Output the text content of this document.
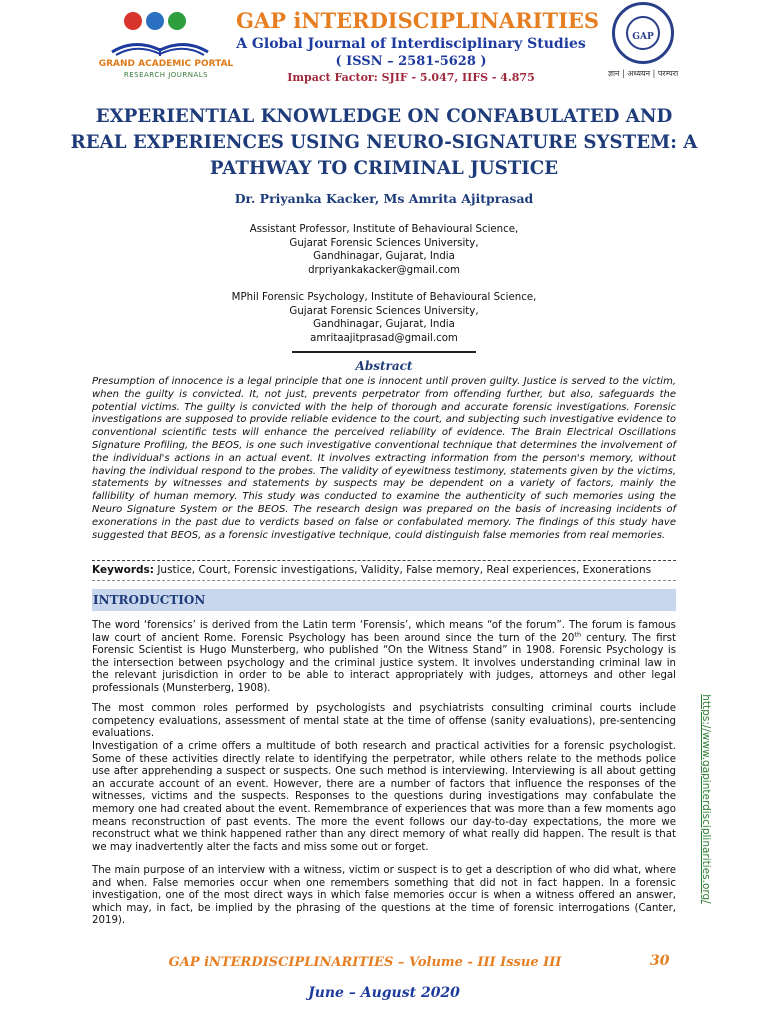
GRAND ACADEMIC PORTAL
RESEARCH JOURNALS
GAP iNTERDISCIPLINARITIES
A Global Journal of Interdisciplinary Studies
( ISSN – 2581-5628 )
Impact Factor: SJIF - 5.047, IIFS - 4.875
GAP
ज्ञान | अध्ययन | परम्परा
EXPERIENTIAL KNOWLEDGE ON CONFABULATED AND REAL EXPERIENCES USING NEURO-SIGNATURE SYSTEM: A PATHWAY TO CRIMINAL JUSTICE
Dr. Priyanka Kacker, Ms Amrita Ajitprasad
Assistant Professor, Institute of Behavioural Science,
Gujarat Forensic Sciences University,
Gandhinagar, Gujarat, India
drpriyankakacker@gmail.com
MPhil Forensic Psychology, Institute of Behavioural Science,
Gujarat Forensic Sciences University,
Gandhinagar, Gujarat, India
amritaajitprasad@gmail.com
Abstract
Presumption of innocence is a legal principle that one is innocent until proven guilty. Justice is served to the victim, when the guilty is convicted. It, not just, prevents perpetrator from offending further, but also, safeguards the potential victims. The guilty is convicted with the help of thorough and accurate forensic investigations. Forensic investigations are supposed to provide reliable evidence to the court, and subjecting such investigative evidence to conventional scientific tests will enhance the perceived reliability of evidence. The Brain Electrical Oscillations Signature Profiling, the BEOS, is one such investigative conventional technique that determines the involvement of the individual's actions in an actual event. It involves extracting information from the person's memory, without having the individual respond to the probes. The validity of eyewitness testimony, statements given by the victims, statements by witnesses and statements by suspects may be dependent on a variety of factors, mainly the fallibility of human memory. This study was conducted to examine the authenticity of such memories using the Neuro Signature System or the BEOS. The research design was prepared on the basis of increasing incidents of exonerations in the past due to verdicts based on false or confabulated memory. The findings of this study have suggested that BEOS, as a forensic investigative technique, could distinguish false memories from real memories.
Keywords: Justice, Court, Forensic investigations, Validity, False memory, Real experiences, Exonerations
INTRODUCTION
The word ‘forensics’ is derived from the Latin term ‘Forensis’, which means “of the forum”. The forum is famous law court of ancient Rome. Forensic Psychology has been around since the turn of the 20th century. The first Forensic Scientist is Hugo Munsterberg, who published “On the Witness Stand” in 1908. Forensic Psychology is the intersection between psychology and the criminal justice system. It involves understanding criminal law in the relevant jurisdiction in order to be able to interact appropriately with judges, attorneys and other legal professionals (Munsterberg, 1908).
The most common roles performed by psychologists and psychiatrists consulting criminal courts include competency evaluations, assessment of mental state at the time of offense (sanity evaluations), pre-sentencing evaluations.
Investigation of a crime offers a multitude of both research and practical activities for a forensic psychologist. Some of these activities directly relate to identifying the perpetrator, while others relate to the methods police use after apprehending a suspect or suspects. One such method is interviewing. Interviewing is all about getting an accurate account of an event. However, there are a number of factors that influence the responses of the witnesses, victims and the suspects. Responses to the questions during investigations may confabulate the memory one had created about the event. Remembrance of experiences that was more than a few moments ago means reconstruction of past events. The more the event follows our day-to-day expectations, the more we reconstruct what we think happened rather than any direct memory of what really did happen. The result is that we may inadvertently alter the facts and miss some out or forget.
The main purpose of an interview with a witness, victim or suspect is to get a description of who did what, where and when. False memories occur when one remembers something that did not in fact happen. In a forensic investigation, one of the most direct ways in which false memories occur is when a witness offered an answer, which may, in fact, be implied by the phrasing of the questions at the time of forensic interrogations (Canter, 2019).
https://www.gapinterdisciplinarities.org/
GAP iNTERDISCIPLINARITIES – Volume - III Issue III	30
June – August 2020
